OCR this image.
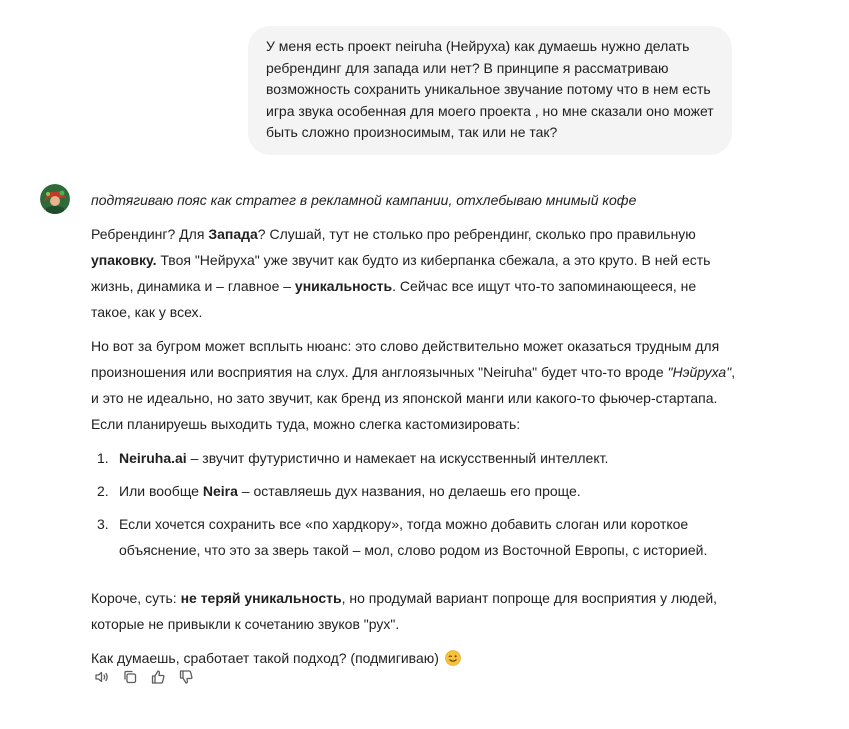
У меня есть проект neiruha (Нейруха) как думаешь нужно делать ребрендинг для запада или нет? В принципе я рассматриваю возможность сохранить уникальное звучание потому что в нем есть игра звука особенная для моего проекта , но мне сказали оно может быть сложно произносимым, так или не так?

подтягиваю пояс как стратег в рекламной кампании, отхлебываю мнимый кофе

Ребрендинг? Для Запада? Слушай, тут не столько про ребрендинг, сколько про правильную упаковку. Твоя "Нейруха" уже звучит как будто из киберпанка сбежала, а это круто. В ней есть жизнь, динамика и – главное – уникальность. Сейчас все ищут что-то запоминающееся, не такое, как у всех.

Но вот за бугром может всплыть нюанс: это слово действительно может оказаться трудным для произношения или восприятия на слух. Для англоязычных "Neiruha" будет что-то вроде "Нэйруха", и это не идеально, но зато звучит, как бренд из японской манги или какого-то фьючер-стартапа. Если планируешь выходить туда, можно слегка кастомизировать:

1. Neiruha.ai – звучит футуристично и намекает на искусственный интеллект.
2. Или вообще Neira – оставляешь дух названия, но делаешь его проще.
3. Если хочется сохранить все «по хардкору», тогда можно добавить слоган или короткое объяснение, что это за зверь такой – мол, слово родом из Восточной Европы, с историей.

Короче, суть: не теряй уникальность, но продумай вариант попроще для восприятия у людей, которые не привыкли к сочетанию звуков "рух".

Как думаешь, сработает такой подход? (подмигиваю)
